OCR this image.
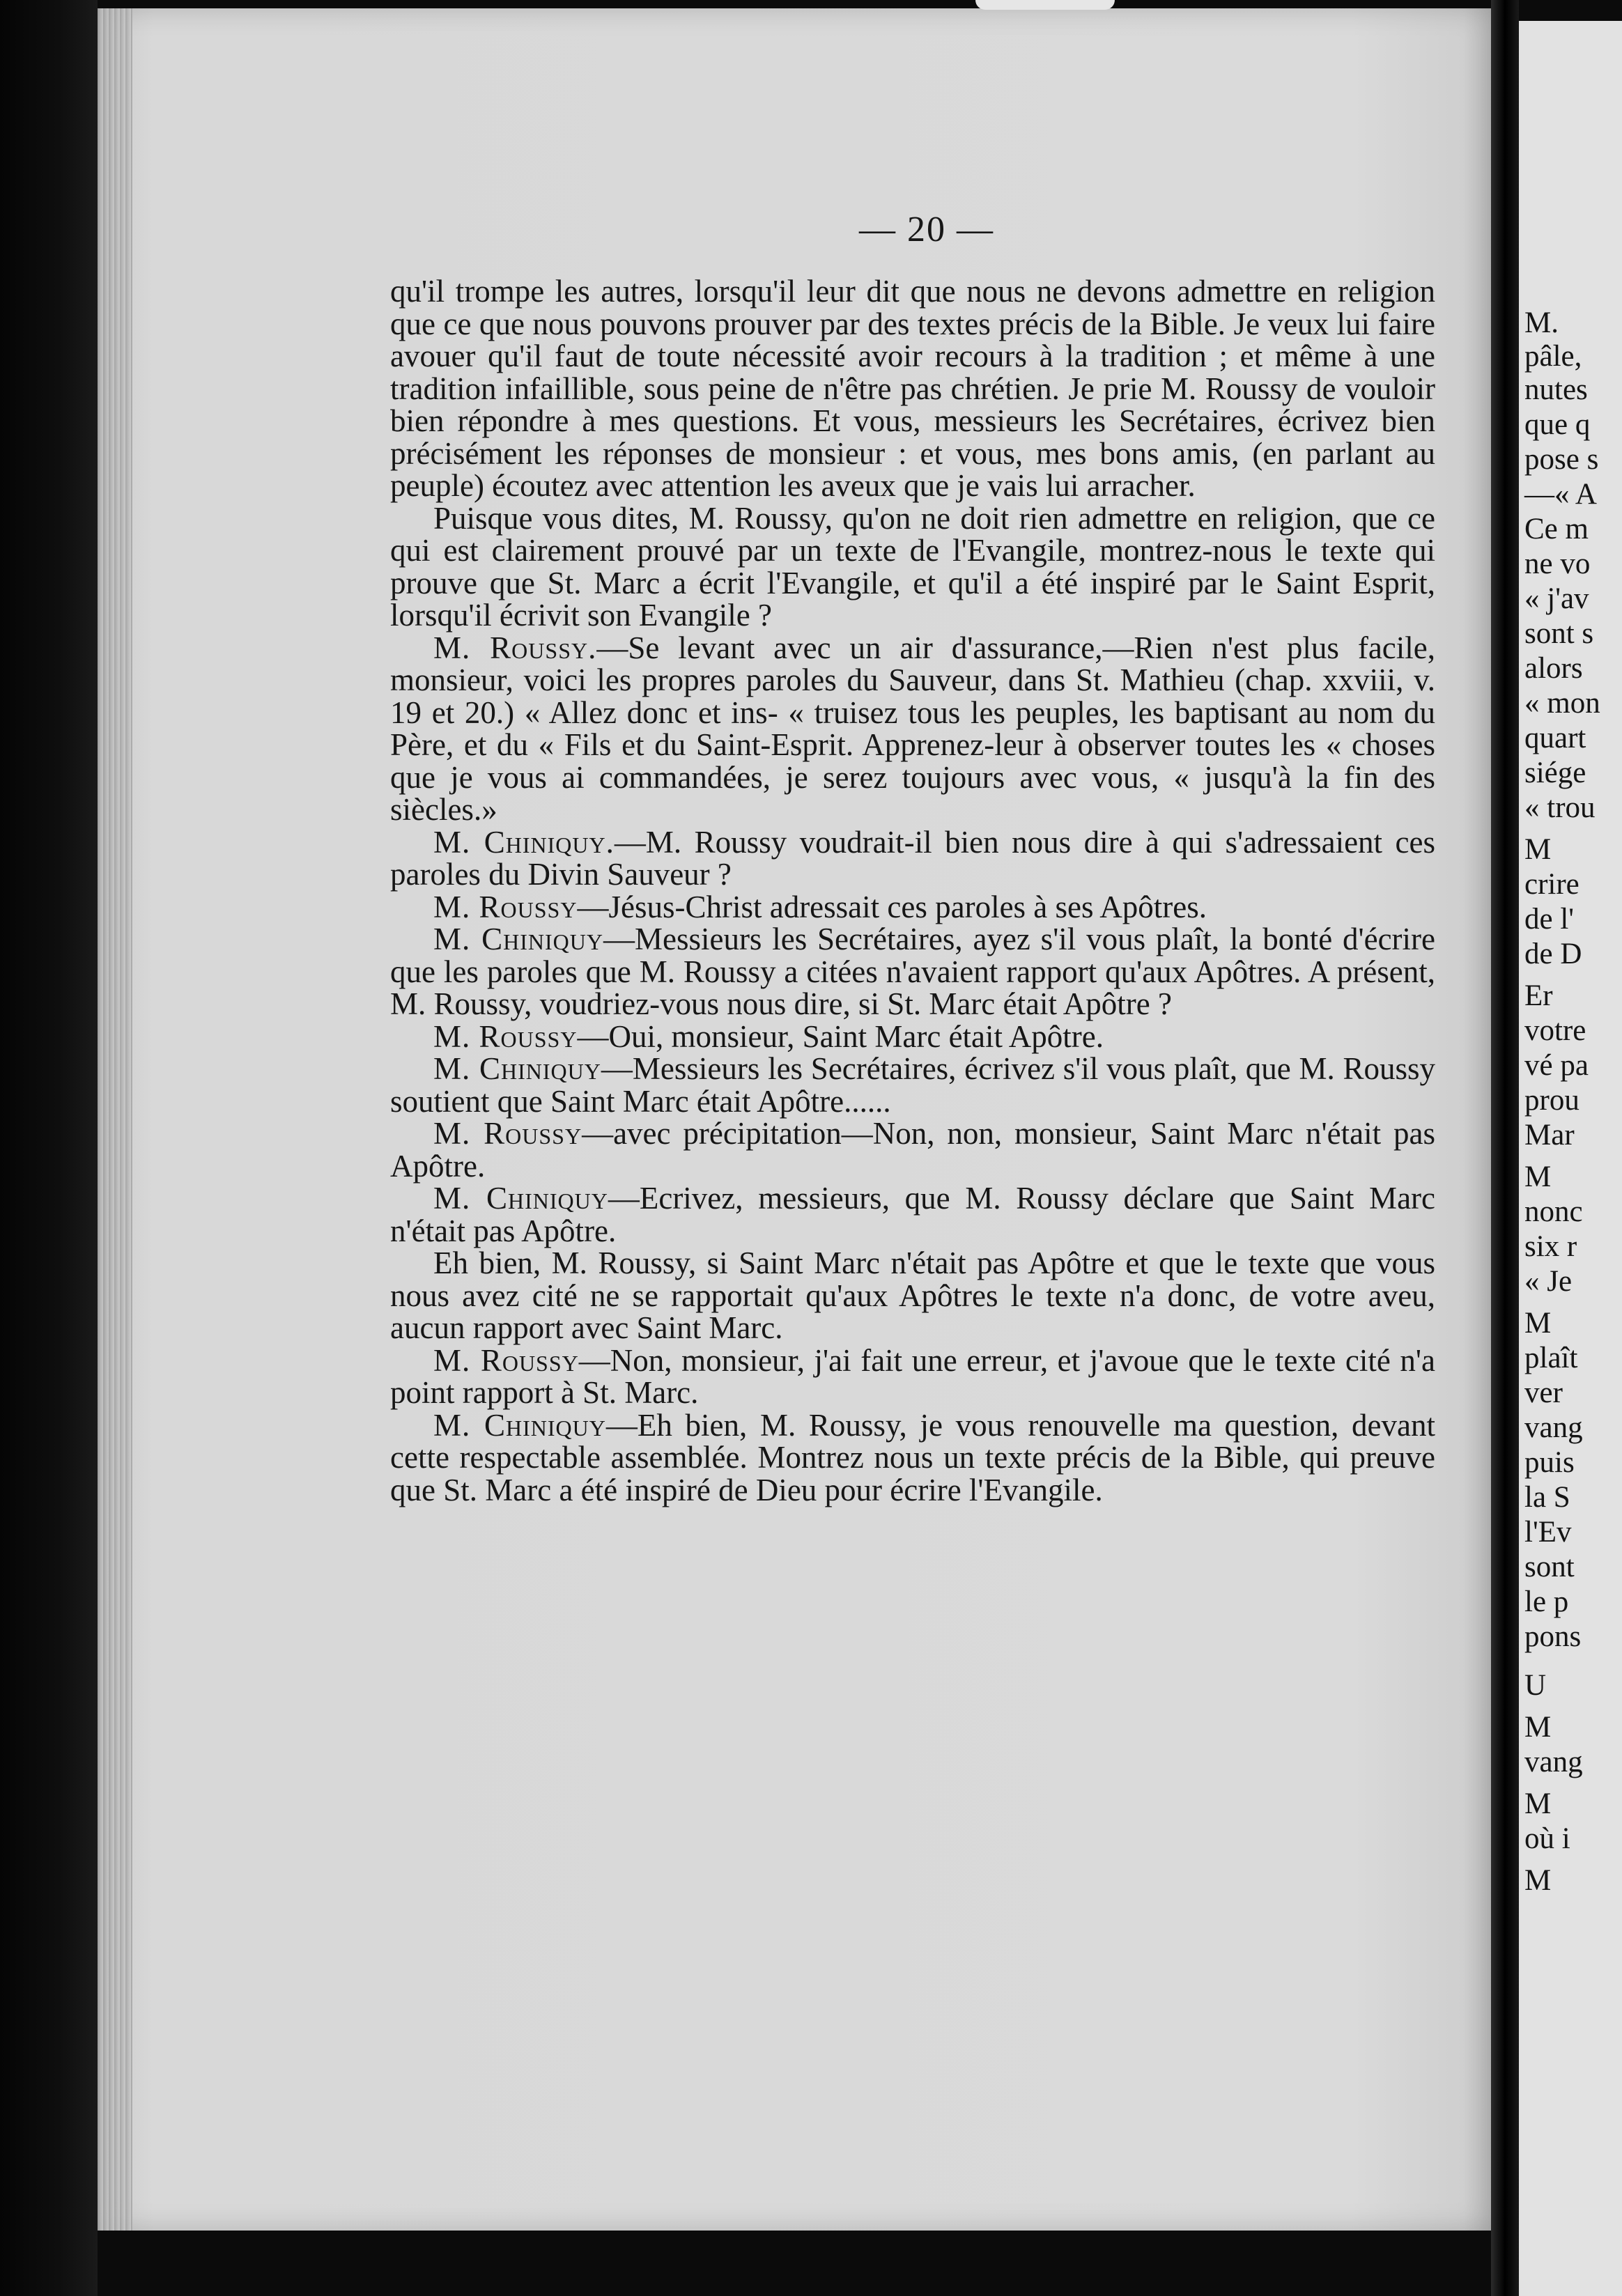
— 20 —

qu'il trompe les autres, lorsqu'il leur dit que nous ne devons admettre en religion que ce que nous pouvons prouver par des textes précis de la Bible. Je veux lui faire avouer qu'il faut de toute nécessité avoir recours à la tradition ; et même à une tradition infaillible, sous peine de n'être pas chrétien. Je prie M. Roussy de vouloir bien répondre à mes questions. Et vous, messieurs les Secrétaires, écrivez bien précisément les réponses de monsieur : et vous, mes bons amis, (en parlant au peuple) écoutez avec attention les aveux que je vais lui arracher.

Puisque vous dites, M. Roussy, qu'on ne doit rien admettre en religion, que ce qui est clairement prouvé par un texte de l'Evangile, montrez-nous le texte qui prouve que St. Marc a écrit l'Evangile, et qu'il a été inspiré par le Saint Esprit, lorsqu'il écrivit son Evangile ?

M. Roussy.—Se levant avec un air d'assurance,—Rien n'est plus facile, monsieur, voici les propres paroles du Sauveur, dans St. Mathieu (chap. xxviii, v. 19 et 20.) « Allez donc et ins- « truisez tous les peuples, les baptisant au nom du Père, et du « Fils et du Saint-Esprit. Apprenez-leur à observer toutes les « choses que je vous ai commandées, je serez toujours avec vous, « jusqu'à la fin des siècles.»

M. Chiniquy.—M. Roussy voudrait-il bien nous dire à qui s'adressaient ces paroles du Divin Sauveur ?

M. Roussy—Jésus-Christ adressait ces paroles à ses Apôtres.

M. Chiniquy—Messieurs les Secrétaires, ayez s'il vous plaît, la bonté d'écrire que les paroles que M. Roussy a citées n'avaient rapport qu'aux Apôtres. A présent, M. Roussy, voudriez-vous nous dire, si St. Marc était Apôtre ?

M. Roussy—Oui, monsieur, Saint Marc était Apôtre.

M. Chiniquy—Messieurs les Secrétaires, écrivez s'il vous plaît, que M. Roussy soutient que Saint Marc était Apôtre......

M. Roussy—avec précipitation—Non, non, monsieur, Saint Marc n'était pas Apôtre.

M. Chiniquy—Ecrivez, messieurs, que M. Roussy déclare que Saint Marc n'était pas Apôtre.

Eh bien, M. Roussy, si Saint Marc n'était pas Apôtre et que le texte que vous nous avez cité ne se rapportait qu'aux Apôtres le texte n'a donc, de votre aveu, aucun rapport avec Saint Marc.

M. Roussy—Non, monsieur, j'ai fait une erreur, et j'avoue que le texte cité n'a point rapport à St. Marc.

M. Chiniquy—Eh bien, M. Roussy, je vous renouvelle ma question, devant cette respectable assemblée. Montrez nous un texte précis de la Bible, qui preuve que St. Marc a été inspiré de Dieu pour écrire l'Evangile.

M.
pâle,
nutes
que q
pose s
—« A
Ce m
ne vo
« j'av
sont s
alors
« mon
quart
siége
« trou
M
crire
de l'
de D
Er
votre
vé pa
prou
Mar
M
nonc
six r
« Je
M
plaît
ver
vang
puis
la S
l'Ev
sont
le p
pons
U
M
vang
M
où i
M
